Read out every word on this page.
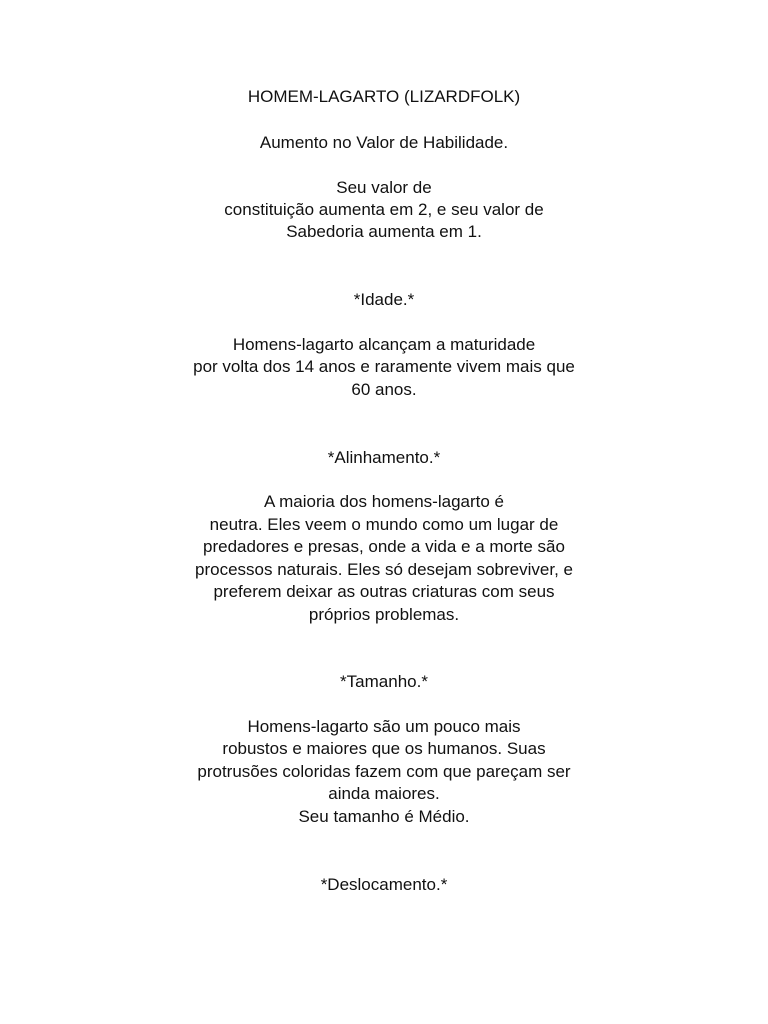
HOMEM-LAGARTO (LIZARDFOLK)

Aumento no Valor de Habilidade.

Seu valor de

constituição aumenta em 2, e seu valor de

Sabedoria aumenta em 1.

*Idade.*

Homens-lagarto alcançam a maturidade

por volta dos 14 anos e raramente vivem mais que

60 anos.

*Alinhamento.*

A maioria dos homens-lagarto é

neutra. Eles veem o mundo como um lugar de

predadores e presas, onde a vida e a morte são

processos naturais. Eles só desejam sobreviver, e

preferem deixar as outras criaturas com seus

próprios problemas.

*Tamanho.*

Homens-lagarto são um pouco mais

robustos e maiores que os humanos. Suas

protrusões coloridas fazem com que pareçam ser

ainda maiores.

Seu tamanho é Médio.

*Deslocamento.*
